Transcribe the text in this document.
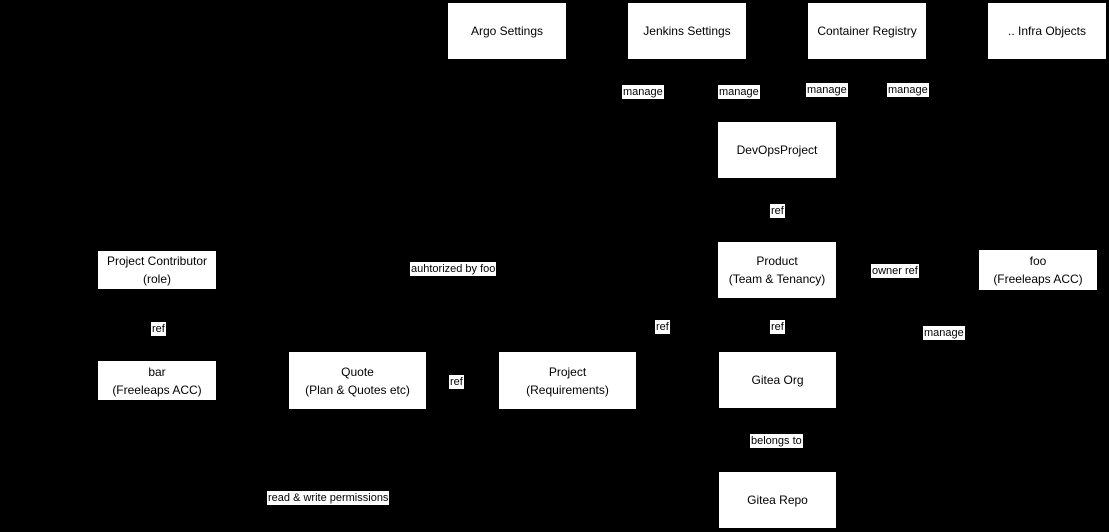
Argo Settings	Jenkins Settings	Container Registry	.. Infra Objects
manage	manage	manage	manage
DevOpsProject
ref
Product
(Team & Tenancy)
owner ref
foo
(Freeleaps ACC)
ref	manage
Project Contributor
(role)
ref
bar
(Freeleaps ACC)
auhtorized by foo
Quote
(Plan & Quotes etc)
ref
Project
(Requirements)
ref
Gitea Org
belongs to
Gitea Repo
read & write permissions
